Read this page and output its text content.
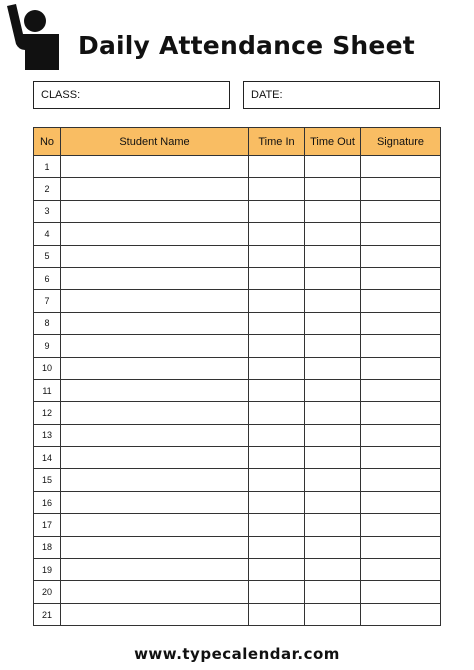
Daily Attendance Sheet
CLASS:	DATE:
No	Student Name	Time In	Time Out	Signature
1				
2				
3				
4				
5				
6				
7				
8				
9				
10				
11				
12				
13				
14				
15				
16				
17				
18				
19				
20				
21				
www.typecalendar.com
